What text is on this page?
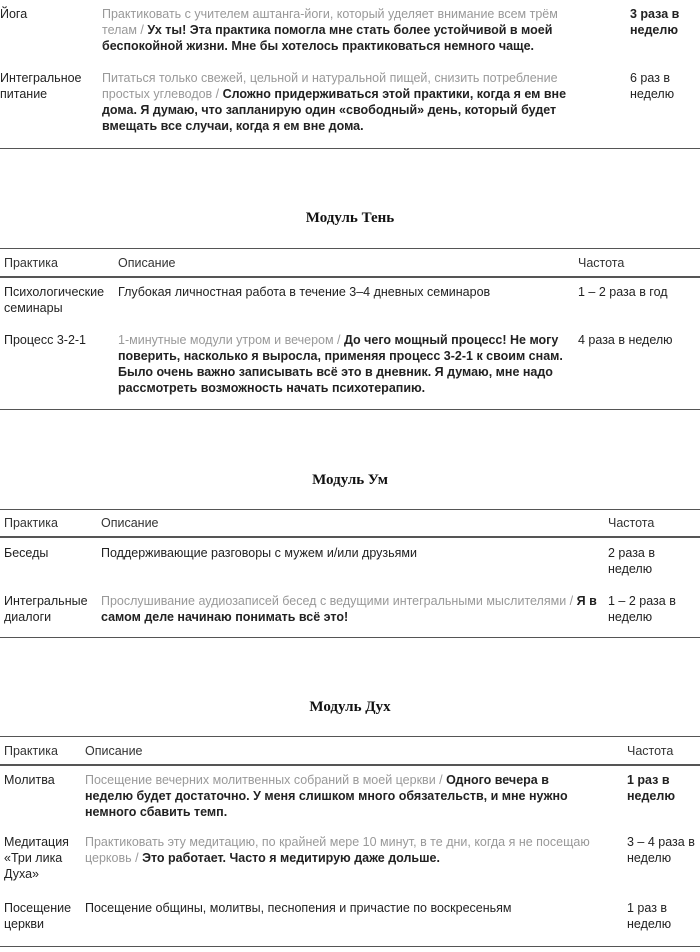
Йога	Практиковать с учителем аштанга-йоги, который уделяет внимание всем трём телам / Ух ты! Эта практика помогла мне стать более устойчивой в моей беспокойной жизни. Мне бы хотелось практиковаться немного чаще.	3 раза в неделю
Интегральное питание	Питаться только свежей, цельной и натуральной пищей, снизить потребление простых углеводов / Сложно придерживаться этой практики, когда я ем вне дома. Я думаю, что запланирую один «свободный» день, который будет вмещать все случаи, когда я ем вне дома.	6 раз в неделю
Модуль Тень
Практика	Описание	Частота
Психологические семинары	Глубокая личностная работа в течение 3–4 дневных семинаров	1 – 2 раза в год
Процесс 3-2-1	1-минутные модули утром и вечером / До чего мощный процесс! Не могу поверить, насколько я выросла, применяя процесс 3-2-1 к своим снам. Было очень важно записывать всё это в дневник. Я думаю, мне надо рассмотреть возможность начать психотерапию.	4 раза в неделю
Модуль Ум
Практика	Описание	Частота
Беседы	Поддерживающие разговоры с мужем и/или друзьями	2 раза в неделю
Интегральные диалоги	Прослушивание аудиозаписей бесед с ведущими интегральными мыслителями / Я в самом деле начинаю понимать всё это!	1 – 2 раза в неделю
Модуль Дух
Практика	Описание	Частота
Молитва	Посещение вечерних молитвенных собраний в моей церкви / Одного вечера в неделю будет достаточно. У меня слишком много обязательств, и мне нужно немного сбавить темп.	1 раз в неделю
Медитация «Три лика Духа»	Практиковать эту медитацию, по крайней мере 10 минут, в те дни, когда я не посещаю церковь / Это работает. Часто я медитирую даже дольше.	3 – 4 раза в неделю
Посещение церкви	Посещение общины, молитвы, песнопения и причастие по воскресеньям	1 раз в неделю
